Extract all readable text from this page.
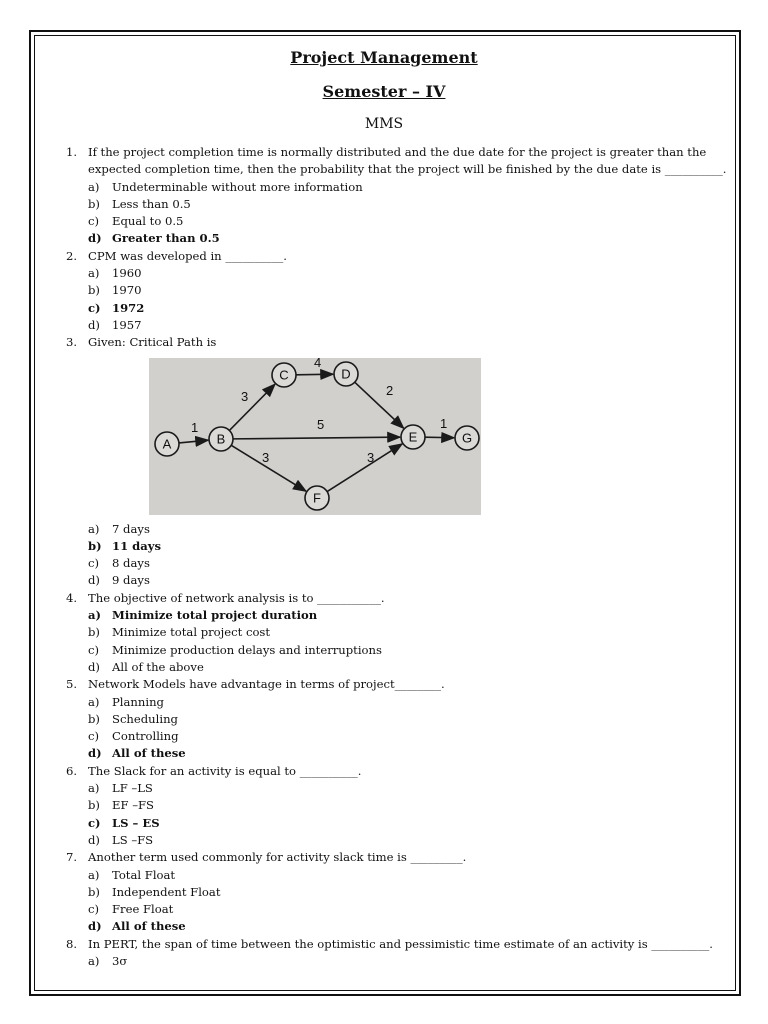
Project Management
Semester – IV
MMS
1. If the project completion time is normally distributed and the due date for the project is greater than the expected completion time, then the probability that the project will be finished by the due date is __________.
a)	Undeterminable without more information
b)	Less than 0.5
c)	Equal to 0.5
d) Greater than 0.5
2. CPM was developed in __________.
a)	1960
b)	1970
c) 1972
d)	1957
3. Given: Critical Path is
1
3
4
2
5
3	3
1
A	B
C	D
E
F
G
a)	7 days
b) 11 days
c)	8 days
d)	9 days
4. The objective of network analysis is to ___________.
a) Minimize total project duration
b)	Minimize total project cost
c)	Minimize production delays and interruptions
d)	All of the above
5. Network Models have advantage in terms of project________.
a)	Planning
b)	Scheduling
c)	Controlling
d) All of these
6. The Slack for an activity is equal to __________.
a)	LF –LS
b)	EF –FS
c) LS – ES
d)	LS –FS
7. Another term used commonly for activity slack time is _________.
a)	Total Float
b)	Independent Float
c)	Free Float
d) All of these
8. In PERT, the span of time between the optimistic and pessimistic time estimate of an activity is __________.
a)	3σ
